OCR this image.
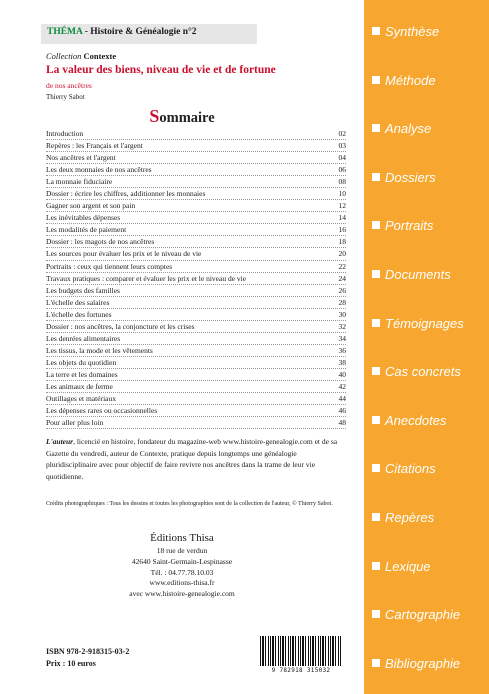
THÉMA - Histoire & Généalogie n°2
Collection Contexte
La valeur des biens, niveau de vie et de fortune
de nos ancêtres
Thierry Sabot
Sommaire
Introduction	02
Repères : les Français et l'argent	03
Nos ancêtres et l'argent	04
Les deux monnaies de nos ancêtres	06
La monnaie fiduciaire	08
Dossier : écrire les chiffres, additionner les monnaies	10
Gagner son argent et son pain	12
Les inévitables dépenses	14
Les modalités de paiement	16
Dossier : les magots de nos ancêtres	18
Les sources pour évaluer les prix et le niveau de vie	20
Portraits : ceux qui tiennent leurs comptes	22
Travaux pratiques : comparer et évaluer les prix et le niveau de vie	24
Les budgets des familles	26
L'échelle des salaires	28
L'échelle des fortunes	30
Dossier : nos ancêtres, la conjoncture et les crises	32
Les denrées alimentaires	34
Les tissus, la mode et les vêtements	36
Les objets du quotidien	38
La terre et les domaines	40
Les animaux de ferme	42
Outillages et matériaux	44
Les dépenses rares ou occasionnelles	46
Pour aller plus loin	48
L'auteur, licencié en histoire, fondateur du magazine-web www.histoire-genealogie.com et de sa Gazette du vendredi, auteur de Contexte, pratique depuis longtemps une généalogie pluridisciplinaire avec pour objectif de faire revivre nos ancêtres dans la trame de leur vie quotidienne.
Crédits photographiques : Tous les dessins et toutes les photographies sont de la collection de l'auteur, © Thierry Sabot.
Éditions Thisa
18 rue de verdun
42640 Saint-Germain-Lespinasse
Tél. : 04.77.78.10.03
www.editions-thisa.fr
avec www.histoire-genealogie.com
ISBN 978-2-918315-03-2
Prix : 10 euros
9 782918 315032
Synthèse
Méthode
Analyse
Dossiers
Portraits
Documents
Témoignages
Cas concrets
Anecdotes
Citations
Repères
Lexique
Cartographie
Bibliographie
